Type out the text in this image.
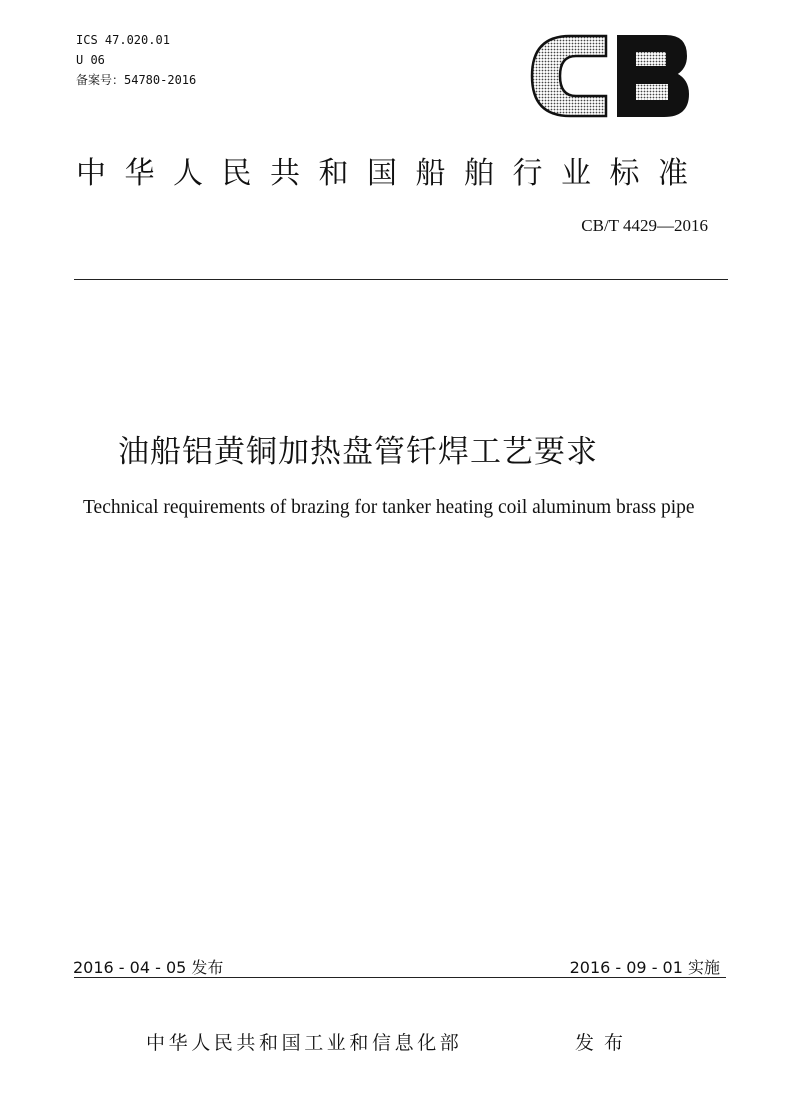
ICS 47.020.01
U 06
备案号：54780-2016
中华人民共和国船舶行业标准
CB/T 4429—2016
油船铝黄铜加热盘管钎焊工艺要求
Technical requirements of brazing for tanker heating coil aluminum brass pipe
2016 - 04 - 05 发布	2016 - 09 - 01 实施
中华人民共和国工业和信息化部	发布
